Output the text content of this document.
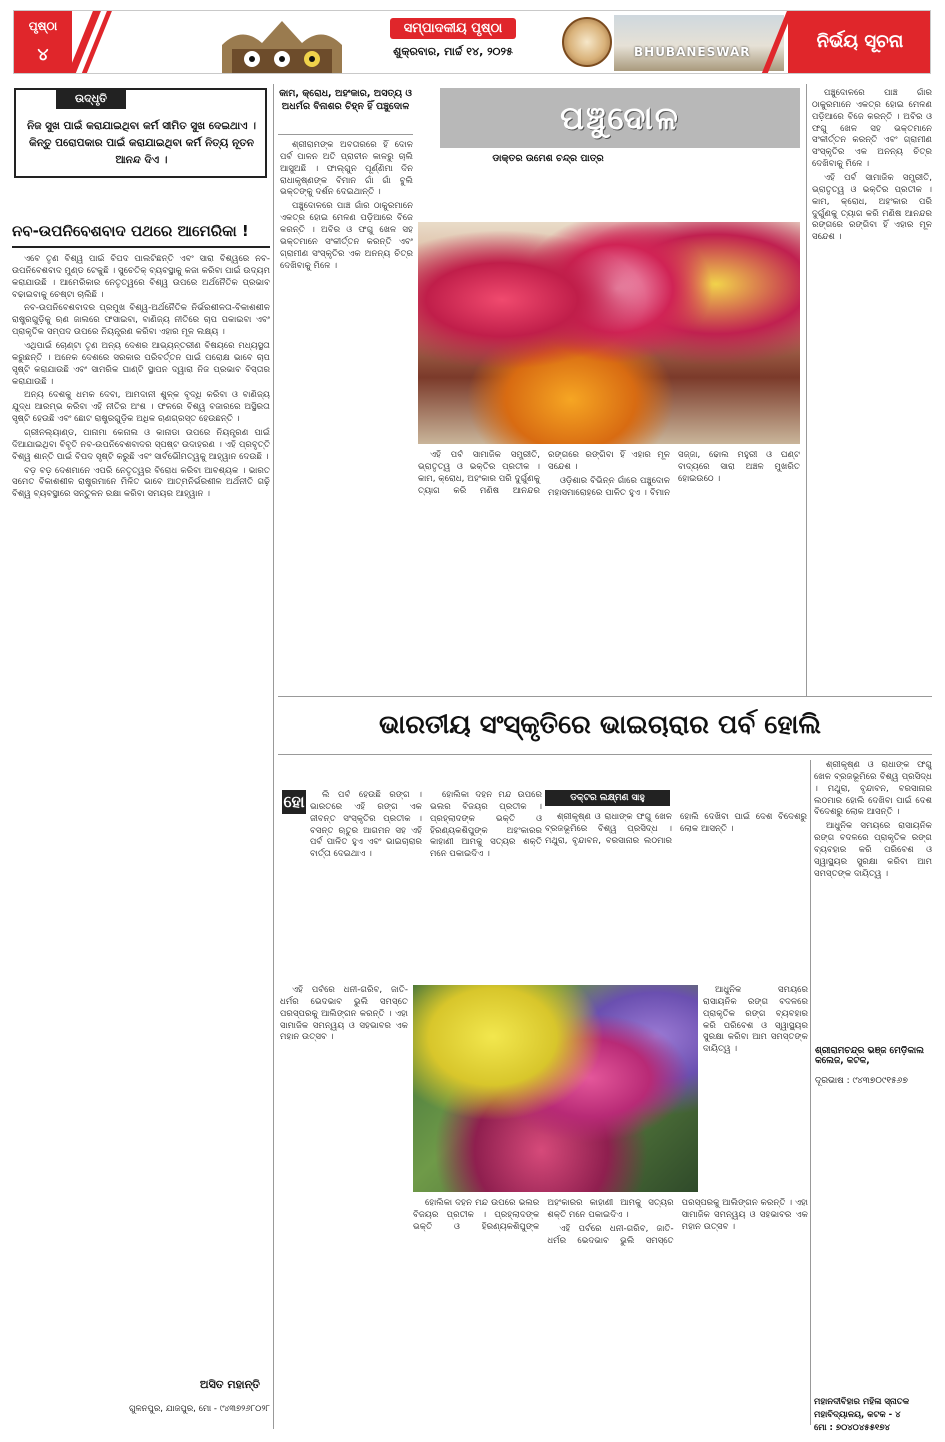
ପୃଷ୍ଠା
୪
ସମ୍ପାଦକୀୟ ପୃଷ୍ଠା
ଶୁକ୍ରବାର, ମାର୍ଚ୍ଚ ୧୪, ୨୦୨୫	BHUBANESWAR	ନିର୍ଭୟ ସୂଚନା
ଉଦ୍ଧୃତି
ନିଜ ସୁଖ ପାଇଁ କରାଯାଇଥିବା କର୍ମ ସୀମିତ ସୁଖ ଦେଇଥାଏ । କିନ୍ତୁ ପରୋପକାର ପାଇଁ କରାଯାଇଥିବା କର୍ମ ନିତ୍ୟ ନୂତନ ଆନନ୍ଦ ଦିଏ ।
ନବ-ଉପନିବେଶବାଦ ପଥରେ ଆମେରିକା !

ଏବେ ତୃଣ ବିଶ୍ୱ ପାଇଁ ବିପଦ ପାଲଟିଛନ୍ତି ଏବଂ ସାରା ବିଶ୍ୱରେ ନବ-ଉପନିବେଶବାଦ ମୁଣ୍ଡ ଟେକୁଛି । ସୁଚେତିକ୍ ବ୍ୟବସ୍ଥାକୁ କଜା କରିବା ପାଇଁ ଉଦ୍ୟମ କରାଯାଉଛି । ଆମେରିକାର ନେତୃତ୍ୱରେ ବିଶ୍ୱ ଉପରେ ଅର୍ଥନୈତିକ ପ୍ରଭାବ ବଢାଇବାକୁ ଚେଷ୍ଟା ଚାଲିଛି ।

ନବ-ଉପନିବେଶବାଦର ପ୍ରମୁଖ ବିଶ୍ୱ-ଅର୍ଥନୈତିକ ନିର୍ଭରଶୀଳତା-ବିକାଶଶୀଳ ରାଷ୍ଟ୍ରଗୁଡ଼ିକୁ ଋଣ ଜାଲରେ ଫସାଇବା, ବାଣିଜ୍ୟ ନୀତିରେ ଚାପ ପକାଇବା ଏବଂ ପ୍ରାକୃତିକ ସମ୍ପଦ ଉପରେ ନିୟନ୍ତ୍ରଣ କରିବା ଏହାର ମୂଳ ଲକ୍ଷ୍ୟ ।

ଏଥିପାଇଁ ଚୋଣ୍ଟା ତୃଣ ଅନ୍ୟ ଦେଶର ଆଭ୍ୟନ୍ତରୀଣ ବିଷୟରେ ମଧ୍ୟସ୍ଥତା କରୁଛନ୍ତି । ଅନେକ ଦେଶରେ ସରକାର ପରିବର୍ତ୍ତନ ପାଇଁ ପରୋକ୍ଷ ଭାବେ ଚାପ ସୃଷ୍ଟି କରାଯାଉଛି ଏବଂ ସାମରିକ ଘାଣ୍ଟି ସ୍ଥାପନ ଦ୍ୱାରା ନିଜ ପ୍ରଭାବ ବିସ୍ତାର କରାଯାଉଛି ।

ଅନ୍ୟ ଦେଶକୁ ଧମକ ଦେବା, ଆମଦାନୀ ଶୁଳ୍କ ବୃଦ୍ଧି କରିବା ଓ ବାଣିଜ୍ୟ ଯୁଦ୍ଧ ଆରମ୍ଭ କରିବା ଏହି ନୀତିର ଅଂଶ । ଫଳରେ ବିଶ୍ୱ ବଜାରରେ ଅସ୍ଥିରତା ସୃଷ୍ଟି ହେଉଛି ଏବଂ ଛୋଟ ରାଷ୍ଟ୍ରଗୁଡ଼ିକ ଅଧିକ ଋଣଗ୍ରସ୍ତ ହେଉଛନ୍ତି ।

ଗ୍ରୀନଲ୍ୟାଣ୍ଡ, ପାନାମା କେନାଲ ଓ କାନାଡା ଉପରେ ନିୟନ୍ତ୍ରଣ ପାଇଁ ଦିଆଯାଇଥିବା ବିବୃତି ନବ-ଉପନିବେଶବାଦର ସ୍ପଷ୍ଟ ଉଦାହରଣ । ଏହି ପ୍ରବୃତ୍ତି ବିଶ୍ୱ ଶାନ୍ତି ପାଇଁ ବିପଦ ସୃଷ୍ଟି କରୁଛି ଏବଂ ସାର୍ବଭୌମତ୍ୱକୁ ଆହ୍ୱାନ ଦେଉଛି ।

ବଡ଼ ବଡ଼ ଦେଶମାନେ ଏପରି ନେତୃତ୍ୱର ବିରୋଧ କରିବା ଆବଶ୍ୟକ । ଭାରତ ସମେତ ବିକାଶଶୀଳ ରାଷ୍ଟ୍ରମାନେ ମିଳିତ ଭାବେ ଆତ୍ମନିର୍ଭରଶୀଳ ଅର୍ଥନୀତି ଗଢ଼ି ବିଶ୍ୱ ବ୍ୟବସ୍ଥାରେ ସନ୍ତୁଳନ ରକ୍ଷା କରିବା ସମୟର ଆହ୍ୱାନ ।

ଅସିତ ମହାନ୍ତି
ଗୁଳନପୁର, ଯାଜପୁର, ମୋ - ୯୪୩୭୨୬୮୦୨୮
କାମ, କ୍ରୋଧ, ଅହଂକାର, ଅସତ୍ୟ ଓ ଅଧର୍ମର ବିନାଶର ଚିହ୍ନ ହିଁ ପଞ୍ଚୁଦୋଳ	ପଞ୍ଚୁଦୋଳ
ଡାକ୍ତର ଉମେଶ ଚନ୍ଦ୍ର ପାତ୍ର

ଶ୍ରୀରାମଙ୍କ ଅବତାରରେ ହିଁ ଦୋଳ ପର୍ବ ପାଳନ ଅତି ପ୍ରାଚୀନ କାଳରୁ ଚାଲି ଆସୁଅଛି । ଫାଲ୍ଗୁନ ପୂର୍ଣ୍ଣିମା ଦିନ ରାଧାକୃଷ୍ଣଙ୍କ ବିମାନ ଗାଁ ଗାଁ ବୁଲି ଭକ୍ତଙ୍କୁ ଦର୍ଶନ ଦେଇଥାନ୍ତି ।

ପଞ୍ଚୁଦୋଳରେ ପାଞ୍ଚ ଗାଁର ଠାକୁରମାନେ ଏକତ୍ର ହୋଇ ମେଳଣ ପଡ଼ିଆରେ ବିଜେ କରନ୍ତି । ଅବିର ଓ ଫଗୁ ଖେଳ ସହ ଭକ୍ତମାନେ ସଂକୀର୍ତ୍ତନ କରନ୍ତି ଏବଂ ଗ୍ରାମୀଣ ସଂସ୍କୃତିର ଏକ ଅନନ୍ୟ ଚିତ୍ର ଦେଖିବାକୁ ମିଳେ ।

ଏହି ପର୍ବ ସାମାଜିକ ସମ୍ପ୍ରୀତି, ଭ୍ରାତୃତ୍ୱ ଓ ଭକ୍ତିର ପ୍ରତୀକ । କାମ, କ୍ରୋଧ, ଅହଂକାର ପରି ଦୁର୍ଗୁଣକୁ ତ୍ୟାଗ କରି ମଣିଷ ଆନନ୍ଦର ରଙ୍ଗରେ ରଙ୍ଗିବା ହିଁ ଏହାର ମୂଳ ସନ୍ଦେଶ ।

ଓଡ଼ିଶାର ବିଭିନ୍ନ ଗାଁରେ ପଞ୍ଚୁଦୋଳ ମହାସମାରୋହରେ ପାଳିତ ହୁଏ । ବିମାନ ସଜ୍ଜା, ଢୋଲ ମହୁରୀ ଓ ଘଣ୍ଟ ବାଦ୍ୟରେ ସାରା ଅଞ୍ଚଳ ମୁଖରିତ ହୋଇଉଠେ ।

ପଞ୍ଚୁଦୋଳରେ ପାଞ୍ଚ ଗାଁର ଠାକୁରମାନେ ଏକତ୍ର ହୋଇ ମେଳଣ ପଡ଼ିଆରେ ବିଜେ କରନ୍ତି । ଅବିର ଓ ଫଗୁ ଖେଳ ସହ ଭକ୍ତମାନେ ସଂକୀର୍ତ୍ତନ କରନ୍ତି ଏବଂ ଗ୍ରାମୀଣ ସଂସ୍କୃତିର ଏକ ଅନନ୍ୟ ଚିତ୍ର ଦେଖିବାକୁ ମିଳେ ।

ଏହି ପର୍ବ ସାମାଜିକ ସମ୍ପ୍ରୀତି, ଭ୍ରାତୃତ୍ୱ ଓ ଭକ୍ତିର ପ୍ରତୀକ । କାମ, କ୍ରୋଧ, ଅହଂକାର ପରି ଦୁର୍ଗୁଣକୁ ତ୍ୟାଗ କରି ମଣିଷ ଆନନ୍ଦର ରଙ୍ଗରେ ରଙ୍ଗିବା ହିଁ ଏହାର ମୂଳ ସନ୍ଦେଶ ।

ଶ୍ରୀରାମଚନ୍ଦ୍ର ଭଞ୍ଜ ମେଡ଼ିକାଲ କଲେଜ, କଟକ,
ଦୂରଭାଷ : ୯୪୩୭୦୯୧୫୬୭
ଭାରତୀୟ ସଂସ୍କୃତିରେ ଭାଇଚାରାର ପର୍ବ ହୋଲି
ହୋ	ଡକ୍ଟର ଲକ୍ଷ୍ମଣ ସାହୁ

ଲି ପର୍ବ ହେଉଛି ରଙ୍ଗ । ଭାରତରେ ଏହି ରଙ୍ଗ ଏକ ଜୀବନ୍ତ ସଂସ୍କୃତିର ପ୍ରତୀକ । ବସନ୍ତ ଋତୁର ଆଗମନ ସହ ଏହି ପର୍ବ ପାଳିତ ହୁଏ ଏବଂ ଭାଇଚାରାର ବାର୍ତ୍ତା ଦେଇଥାଏ ।

ହୋଲିକା ଦହନ ମନ୍ଦ ଉପରେ ଭଲର ବିଜୟର ପ୍ରତୀକ । ପ୍ରହ୍ଲାଦଙ୍କ ଭକ୍ତି ଓ ହିରଣ୍ୟକଶିପୁଙ୍କ ଅହଂକାରର କାହାଣୀ ଆମକୁ ସତ୍ୟର ଶକ୍ତି ମନେ ପକାଇଦିଏ ।

ଶ୍ରୀକୃଷ୍ଣ ଓ ରାଧାଙ୍କ ଫଗୁ ଖେଳ ବ୍ରଜଭୂମିରେ ବିଶ୍ୱ ପ୍ରସିଦ୍ଧ । ମଥୁରା, ବୃନ୍ଦାବନ, ବରସାନାର ଲଠମାର ହୋଲି ଦେଖିବା ପାଇଁ ଦେଶ ବିଦେଶରୁ ଲୋକ ଆସନ୍ତି ।

ଏହି ପର୍ବରେ ଧନୀ-ଗରିବ, ଜାତି-ଧର୍ମର ଭେଦଭାବ ଭୁଲି ସମସ୍ତେ ପରସ୍ପରକୁ ଆଲିଙ୍ଗନ କରନ୍ତି । ଏହା ସାମାଜିକ ସମନ୍ୱୟ ଓ ସହଭାବର ଏକ ମହାନ ଉତ୍ସବ ।

ଆଧୁନିକ ସମୟରେ ରାସାୟନିକ ରଙ୍ଗ ବଦଳରେ ପ୍ରାକୃତିକ ରଙ୍ଗ ବ୍ୟବହାର କରି ପରିବେଶ ଓ ସ୍ୱାସ୍ଥ୍ୟର ସୁରକ୍ଷା କରିବା ଆମ ସମସ୍ତଙ୍କ ଦାୟିତ୍ୱ ।

ହୋଲିକା ଦହନ ମନ୍ଦ ଉପରେ ଭଲର ବିଜୟର ପ୍ରତୀକ । ପ୍ରହ୍ଲାଦଙ୍କ ଭକ୍ତି ଓ ହିରଣ୍ୟକଶିପୁଙ୍କ ଅହଂକାରର କାହାଣୀ ଆମକୁ ସତ୍ୟର ଶକ୍ତି ମନେ ପକାଇଦିଏ ।

ଏହି ପର୍ବରେ ଧନୀ-ଗରିବ, ଜାତି-ଧର୍ମର ଭେଦଭାବ ଭୁଲି ସମସ୍ତେ ପରସ୍ପରକୁ ଆଲିଙ୍ଗନ କରନ୍ତି । ଏହା ସାମାଜିକ ସମନ୍ୱୟ ଓ ସହଭାବର ଏକ ମହାନ ଉତ୍ସବ ।

ଶ୍ରୀକୃଷ୍ଣ ଓ ରାଧାଙ୍କ ଫଗୁ ଖେଳ ବ୍ରଜଭୂମିରେ ବିଶ୍ୱ ପ୍ରସିଦ୍ଧ । ମଥୁରା, ବୃନ୍ଦାବନ, ବରସାନାର ଲଠମାର ହୋଲି ଦେଖିବା ପାଇଁ ଦେଶ ବିଦେଶରୁ ଲୋକ ଆସନ୍ତି ।

ଆଧୁନିକ ସମୟରେ ରାସାୟନିକ ରଙ୍ଗ ବଦଳରେ ପ୍ରାକୃତିକ ରଙ୍ଗ ବ୍ୟବହାର କରି ପରିବେଶ ଓ ସ୍ୱାସ୍ଥ୍ୟର ସୁରକ୍ଷା କରିବା ଆମ ସମସ୍ତଙ୍କ ଦାୟିତ୍ୱ ।

ମହାନଦୀବିହାର ମହିଳା ସ୍ନାତକ ମହାବିଦ୍ୟାଳୟ, କଟକ - ୪
ମୋ : ୭୦୪୦୪୫୫୧୭୪
